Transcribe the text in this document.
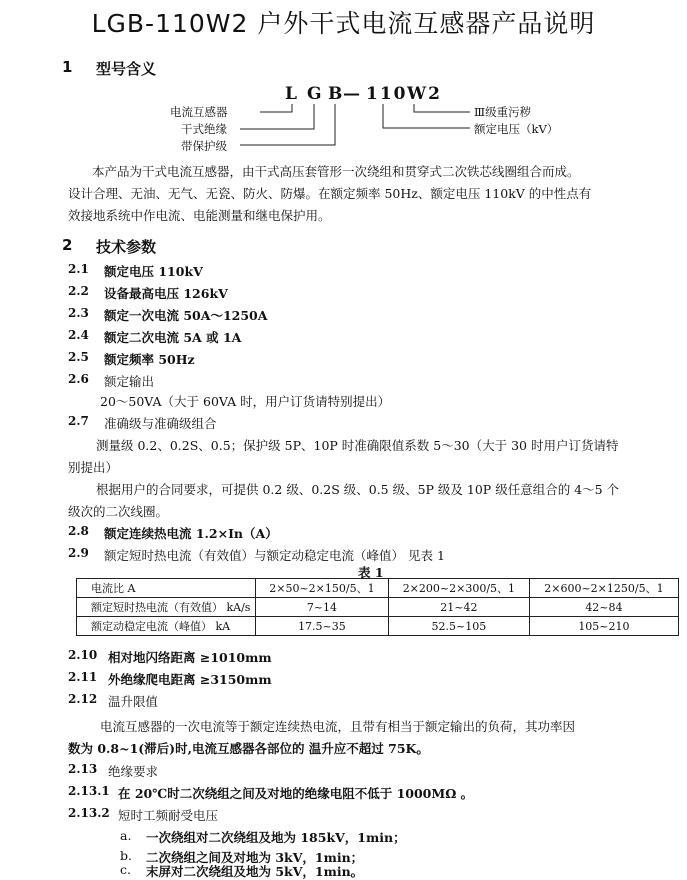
LGB-110W2 户外干式电流互感器产品说明
1 型号含义
L G B
— 110 W2
电流互感器
干式绝缘
带保护级
Ⅲ级重污秽
额定电压（kV）
本产品为干式电流互感器，由干式高压套管形一次绕组和贯穿式二次铁芯线圈组合而成。
设计合理、无油、无气、无瓷、防火、防爆。在额定频率 50Hz、额定电压 110kV 的中性点有
效接地系统中作电流、电能测量和继电保护用。
2 技术参数
2.1 额定电压 110kV
2.2 设备最高电压 126kV
2.3 额定一次电流 50A～1250A
2.4 额定二次电流 5A 或 1A
2.5 额定频率 50Hz
2.6 额定输出
20～50VA（大于 60VA 时，用户订货请特别提出）
2.7 准确级与准确级组合
测量级 0.2、0.2S、0.5；保护级 5P、10P 时准确限值系数 5～30（大于 30 时用户订货请特
别提出）
根据用户的合同要求，可提供 0.2 级、0.2S 级、0.5 级、5P 级及 10P 级任意组合的 4～5 个
级次的二次线圈。
2.8 额定连续热电流 1.2×In（A）
2.9 额定短时热电流（有效值）与额定动稳定电流（峰值） 见表 1
表 1
电流比 A	2×50~2×150/5、1	2×200~2×300/5、1	2×600~2×1250/5、1
额定短时热电流（有效值） kA/s	7~14	21~42	42~84
额定动稳定电流（峰值） kA	17.5~35	52.5~105	105~210
2.10 相对地闪络距离 ≥1010mm
2.11 外绝缘爬电距离 ≥3150mm
2.12 温升限值
电流互感器的一次电流等于额定连续热电流，且带有相当于额定输出的负荷，其功率因
数为 0.8~1(滞后)时,电流互感器各部位的 温升应不超过 75K。
2.13 绝缘要求
2.13.1 在 20℃时二次绕组之间及对地的绝缘电阻不低于 1000MΩ 。
2.13.2 短时工频耐受电压
a. 一次绕组对二次绕组及地为 185kV，1min；
b. 二次绕组之间及对地为 3kV，1min；
c. 末屏对二次绕组及地为 5kV，1min。
